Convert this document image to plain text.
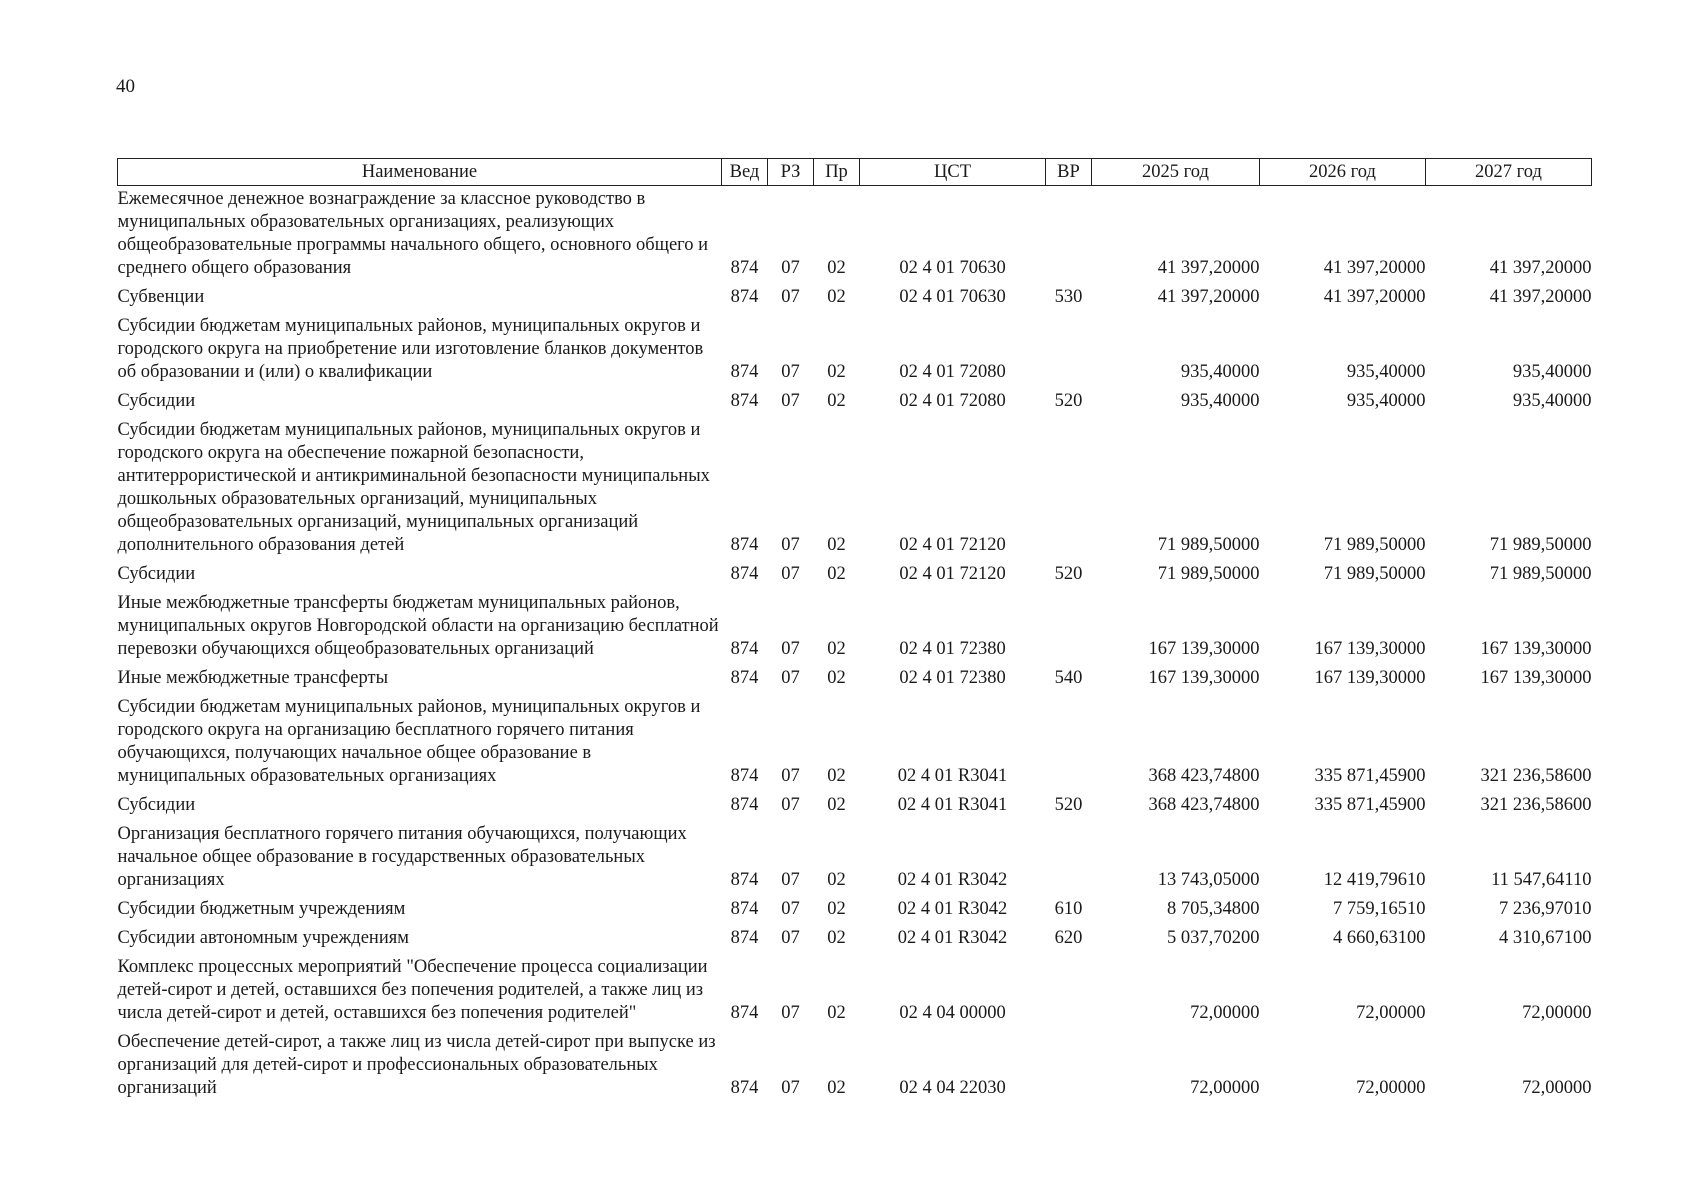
40
Наименование	Вед	РЗ	Пр	ЦСТ	ВР	2025 год	2026 год	2027 год
Ежемесячное денежное вознаграждение за классное руководство в муниципальных образовательных организациях, реализующих общеобразовательные программы начального общего, основного общего и среднего общего образования	874	07	02	02 4 01 70630		41 397,20000	41 397,20000	41 397,20000
Субвенции	874	07	02	02 4 01 70630	530	41 397,20000	41 397,20000	41 397,20000
Субсидии бюджетам муниципальных районов, муниципальных округов и городского округа на приобретение или изготовление бланков документов об образовании и (или) о квалификации	874	07	02	02 4 01 72080		935,40000	935,40000	935,40000
Субсидии	874	07	02	02 4 01 72080	520	935,40000	935,40000	935,40000
Субсидии бюджетам муниципальных районов, муниципальных округов и городского округа на обеспечение пожарной безопасности, антитеррористической и антикриминальной безопасности муниципальных дошкольных образовательных организаций, муниципальных общеобразовательных организаций, муниципальных организаций дополнительного образования детей	874	07	02	02 4 01 72120		71 989,50000	71 989,50000	71 989,50000
Субсидии	874	07	02	02 4 01 72120	520	71 989,50000	71 989,50000	71 989,50000
Иные межбюджетные трансферты бюджетам муниципальных районов, муниципальных округов Новгородской области на организацию бесплатной перевозки обучающихся общеобразовательных организаций	874	07	02	02 4 01 72380		167 139,30000	167 139,30000	167 139,30000
Иные межбюджетные трансферты	874	07	02	02 4 01 72380	540	167 139,30000	167 139,30000	167 139,30000
Субсидии бюджетам муниципальных районов, муниципальных округов и городского округа на организацию бесплатного горячего питания обучающихся, получающих начальное общее образование в муниципальных образовательных организациях	874	07	02	02 4 01 R3041		368 423,74800	335 871,45900	321 236,58600
Субсидии	874	07	02	02 4 01 R3041	520	368 423,74800	335 871,45900	321 236,58600
Организация бесплатного горячего питания обучающихся, получающих начальное общее образование в государственных образовательных организациях	874	07	02	02 4 01 R3042		13 743,05000	12 419,79610	11 547,64110
Субсидии бюджетным учреждениям	874	07	02	02 4 01 R3042	610	8 705,34800	7 759,16510	7 236,97010
Субсидии автономным учреждениям	874	07	02	02 4 01 R3042	620	5 037,70200	4 660,63100	4 310,67100
Комплекс процессных мероприятий "Обеспечение процесса социализации детей-сирот и детей, оставшихся без попечения родителей, а также лиц из числа детей-сирот и детей, оставшихся без попечения родителей"	874	07	02	02 4 04 00000		72,00000	72,00000	72,00000
Обеспечение детей-сирот, а также лиц из числа детей-сирот при выпуске из организаций для детей-сирот и профессиональных образовательных организаций	874	07	02	02 4 04 22030		72,00000	72,00000	72,00000
